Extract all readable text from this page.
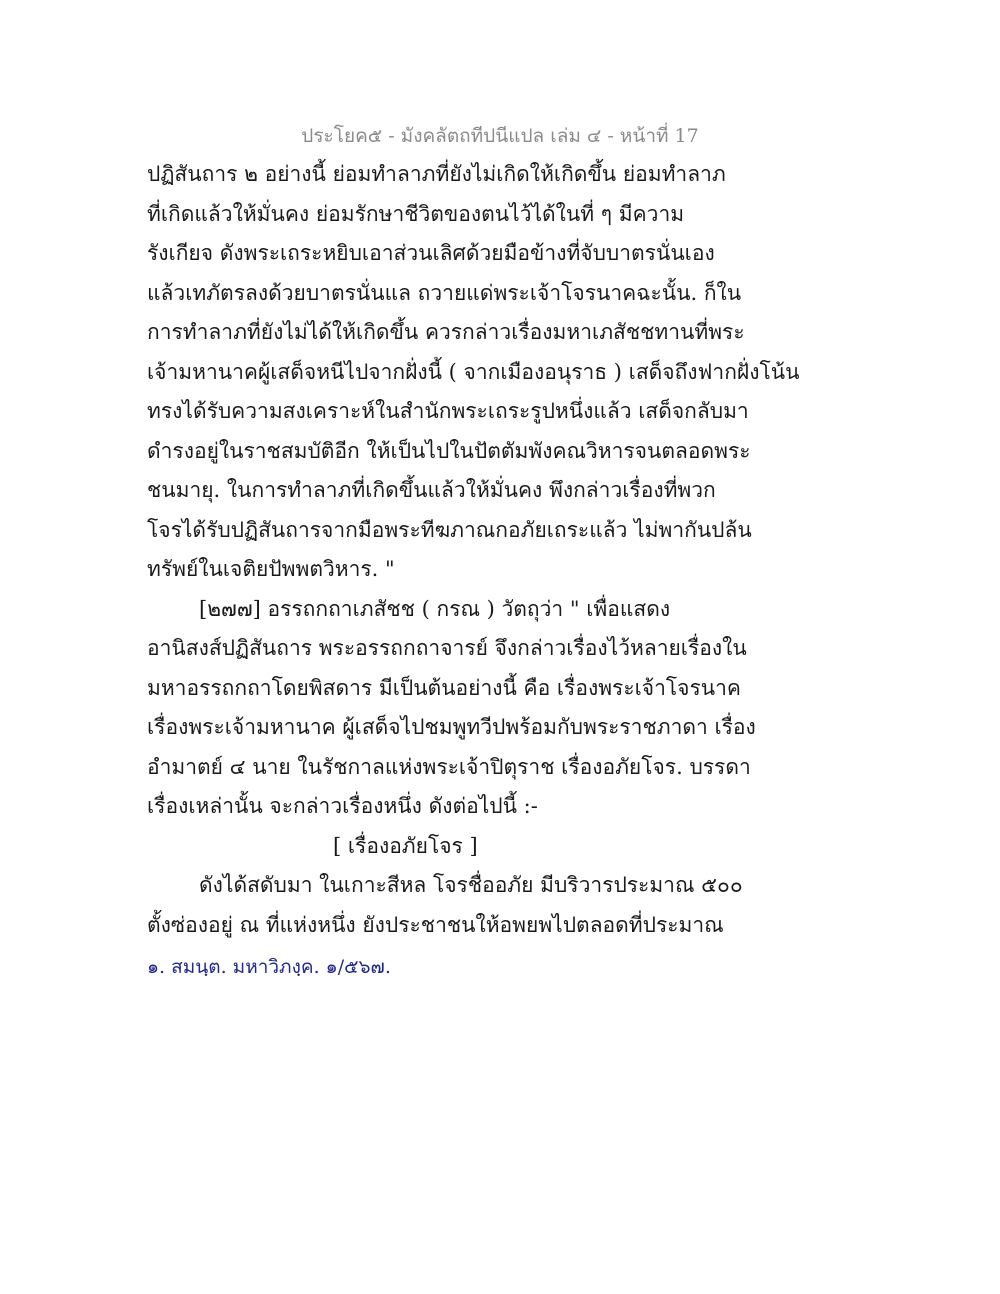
ประโยค๕ - มังคลัตถทีปนีแปล เล่ม ๔ - หน้าที่ 17
ปฏิสันถาร ๒ อย่างนี้ ย่อมทำลาภที่ยังไม่เกิดให้เกิดขึ้น ย่อมทำลาภ
ที่เกิดแล้วให้มั่นคง ย่อมรักษาชีวิตของตนไว้ได้ในที่ ๆ มีความ
รังเกียจ ดังพระเถระหยิบเอาส่วนเลิศด้วยมือข้างที่จับบาตรนั่นเอง
แล้วเทภัตรลงด้วยบาตรนั่นแล ถวายแด่พระเจ้าโจรนาคฉะนั้น. ก็ใน
การทำลาภที่ยังไม่ได้ให้เกิดขึ้น ควรกล่าวเรื่องมหาเภสัชชทานที่พระ
เจ้ามหานาคผู้เสด็จหนีไปจากฝั่งนี้ ( จากเมืองอนุราธ ) เสด็จถึงฟากฝั่งโน้น
ทรงได้รับความสงเคราะห์ในสำนักพระเถระรูปหนึ่งแล้ว เสด็จกลับมา
ดำรงอยู่ในราชสมบัติอีก ให้เป็นไปในปัตตัมพังคณวิหารจนตลอดพระ
ชนมายุ. ในการทำลาภที่เกิดขึ้นแล้วให้มั่นคง พึงกล่าวเรื่องที่พวก
โจรได้รับปฏิสันถารจากมือพระทีฆภาณกอภัยเถระแล้ว ไม่พากันปล้น
ทรัพย์ในเจติยปัพพตวิหาร. "
[๒๗๗] อรรถกถาเภสัชช ( กรณ ) วัตถุว่า " เพื่อแสดง
อานิสงส์ปฏิสันถาร พระอรรถกถาจารย์ จึงกล่าวเรื่องไว้หลายเรื่องใน
มหาอรรถกถาโดยพิสดาร มีเป็นต้นอย่างนี้ คือ เรื่องพระเจ้าโจรนาค
เรื่องพระเจ้ามหานาค ผู้เสด็จไปชมพูทวีปพร้อมกับพระราชภาดา เรื่อง
อำมาตย์ ๔ นาย ในรัชกาลแห่งพระเจ้าปิตุราช เรื่องอภัยโจร. บรรดา
เรื่องเหล่านั้น จะกล่าวเรื่องหนึ่ง ดังต่อไปนี้ :-
[ เรื่องอภัยโจร ]
ดังได้สดับมา ในเกาะสีหล โจรชื่ออภัย มีบริวารประมาณ ๕๐๐
ตั้งซ่องอยู่ ณ ที่แห่งหนึ่ง ยังประชาชนให้อพยพไปตลอดที่ประมาณ
๑. สมนฺต. มหาวิภงฺค. ๑/๕๖๗.
